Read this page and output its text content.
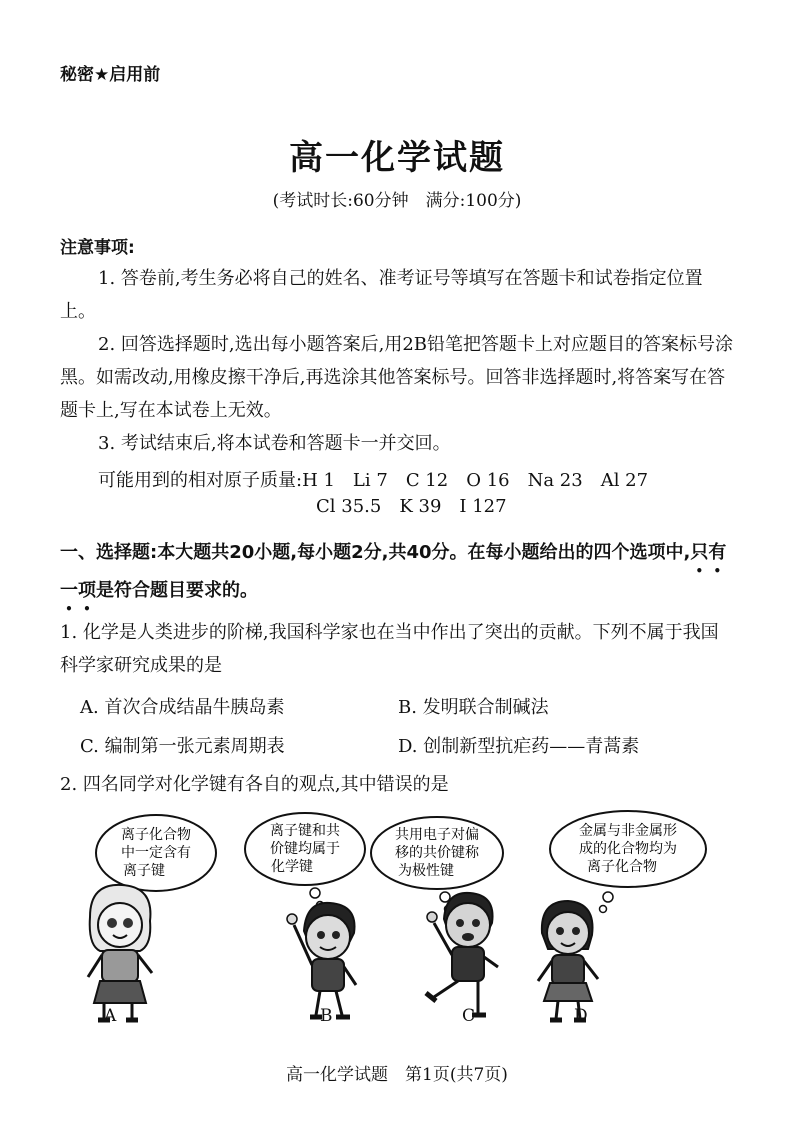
秘密★启用前
高一化学试题
(考试时长:60分钟　满分:100分)
注意事项:
1. 答卷前,考生务必将自己的姓名、准考证号等填写在答题卡和试卷指定位置上。
2. 回答选择题时,选出每小题答案后,用2B铅笔把答题卡上对应题目的答案标号涂黑。如需改动,用橡皮擦干净后,再选涂其他答案标号。回答非选择题时,将答案写在答题卡上,写在本试卷上无效。
3. 考试结束后,将本试卷和答题卡一并交回。
可能用到的相对原子质量:H 1　Li 7　C 12　O 16　Na 23　Al 27
Cl 35.5　K 39　I 127
一、选择题:本大题共20小题,每小题2分,共40分。在每小题给出的四个选项中,只有一项是符合题目要求的。
1. 化学是人类进步的阶梯,我国科学家也在当中作出了突出的贡献。下列不属于我国科学家研究成果的是
A. 首次合成结晶牛胰岛素	B. 发明联合制碱法
C. 编制第一张元素周期表	D. 创制新型抗疟药——青蒿素
2. 四名同学对化学键有各自的观点,其中错误的是
离子化合物
中一定含有
离子键
离子键和共
价键均属于
化学键
共用电子对偏
移的共价键称
为极性键
金属与非金属形
成的化合物均为
离子化合物
A	B	C	D
高一化学试题　第1页(共7页)
